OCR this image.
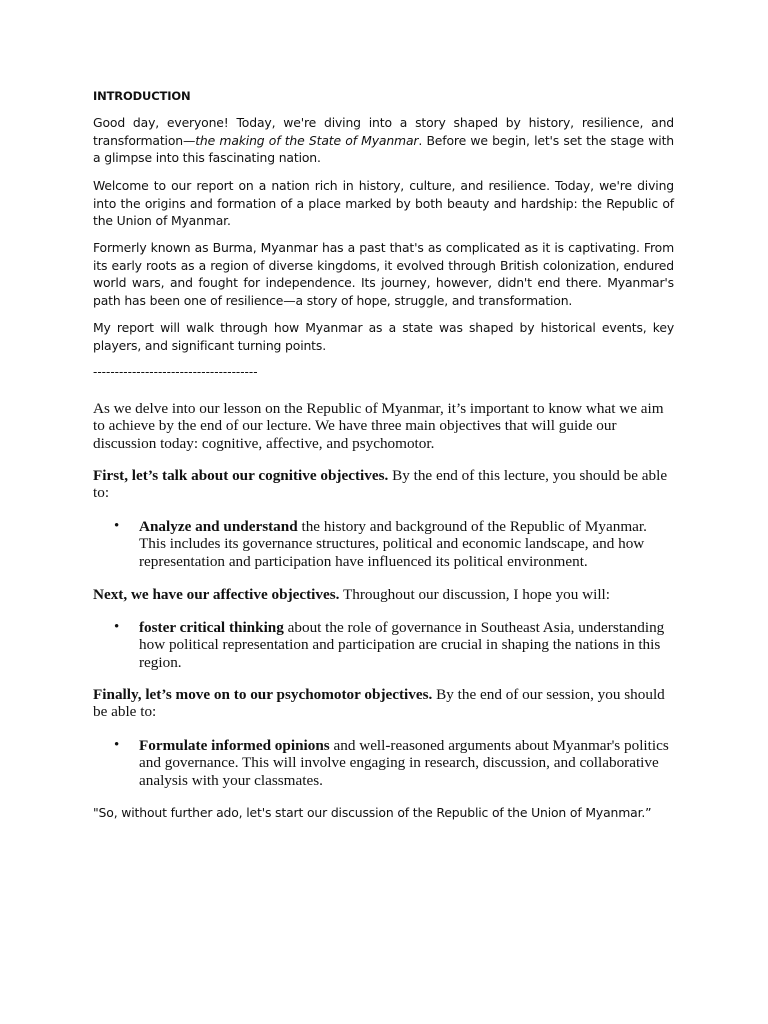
INTRODUCTION

Good day, everyone! Today, we're diving into a story shaped by history, resilience, and transformation—the making of the State of Myanmar. Before we begin, let's set the stage with a glimpse into this fascinating nation.

Welcome to our report on a nation rich in history, culture, and resilience. Today, we're diving into the origins and formation of a place marked by both beauty and hardship: the Republic of the Union of Myanmar.

Formerly known as Burma, Myanmar has a past that's as complicated as it is captivating. From its early roots as a region of diverse kingdoms, it evolved through British colonization, endured world wars, and fought for independence. Its journey, however, didn't end there. Myanmar's path has been one of resilience—a story of hope, struggle, and transformation.

My report will walk through how Myanmar as a state was shaped by historical events, key players, and significant turning points.

--------------------------------------

As we delve into our lesson on the Republic of Myanmar, it’s important to know what we aim to achieve by the end of our lecture. We have three main objectives that will guide our discussion today: cognitive, affective, and psychomotor.

First, let’s talk about our cognitive objectives. By the end of this lecture, you should be able to:

• Analyze and understand the history and background of the Republic of Myanmar. This includes its governance structures, political and economic landscape, and how representation and participation have influenced its political environment.

Next, we have our affective objectives. Throughout our discussion, I hope you will:

• foster critical thinking about the role of governance in Southeast Asia, understanding how political representation and participation are crucial in shaping the nations in this region.

Finally, let’s move on to our psychomotor objectives. By the end of our session, you should be able to:

• Formulate informed opinions and well-reasoned arguments about Myanmar's politics and governance. This will involve engaging in research, discussion, and collaborative analysis with your classmates.

"So, without further ado, let's start our discussion of the Republic of the Union of Myanmar.”
